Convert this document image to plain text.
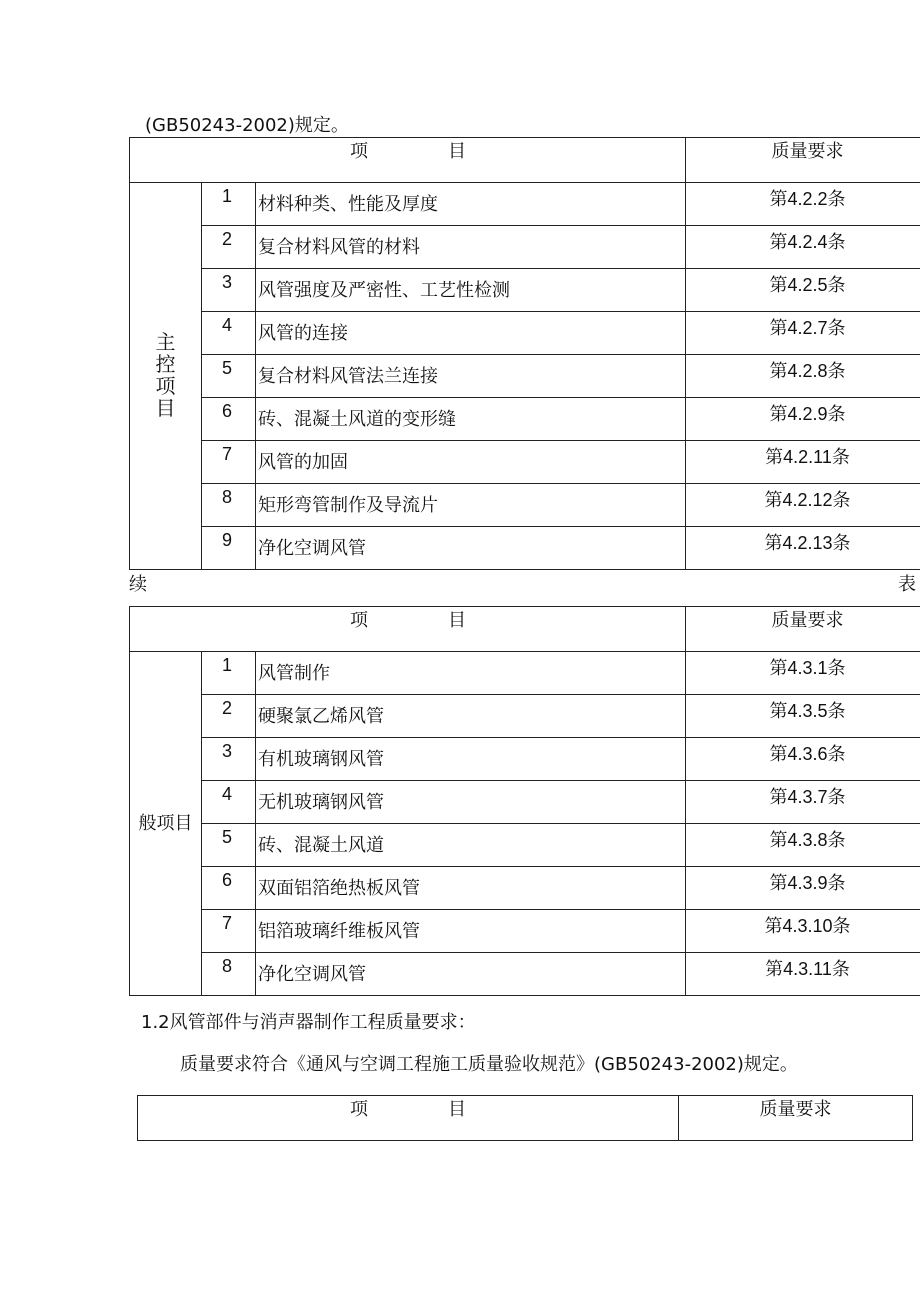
(GB50243-2002)规定。
项 目			质量要求
主控项目	1	材料种类、性能及厚度	第4.2.2条

	2	复合材料风管的材料	第4.2.4条

	3	风管强度及严密性、工艺性检测	第4.2.5条

	4	风管的连接	第4.2.7条

	5	复合材料风管法兰连接	第4.2.8条

	6	砖、混凝土风道的变形缝	第4.2.9条

	7	风管的加固	第4.2.11条

	8	矩形弯管制作及导流片	第4.2.12条

	9	净化空调风管	第4.2.13条
续	表
项 目			质量要求
般项目	1	风管制作	第4.3.1条

	2	硬聚氯乙烯风管	第4.3.5条

	3	有机玻璃钢风管	第4.3.6条

	4	无机玻璃钢风管	第4.3.7条

	5	砖、混凝土风道	第4.3.8条

	6	双面铝箔绝热板风管	第4.3.9条

	7	铝箔玻璃纤维板风管	第4.3.10条

	8	净化空调风管	第4.3.11条
1.2风管部件与消声器制作工程质量要求：
质量要求符合《通风与空调工程施工质量验收规范》(GB50243-2002)规定。
项	目	质量要求
